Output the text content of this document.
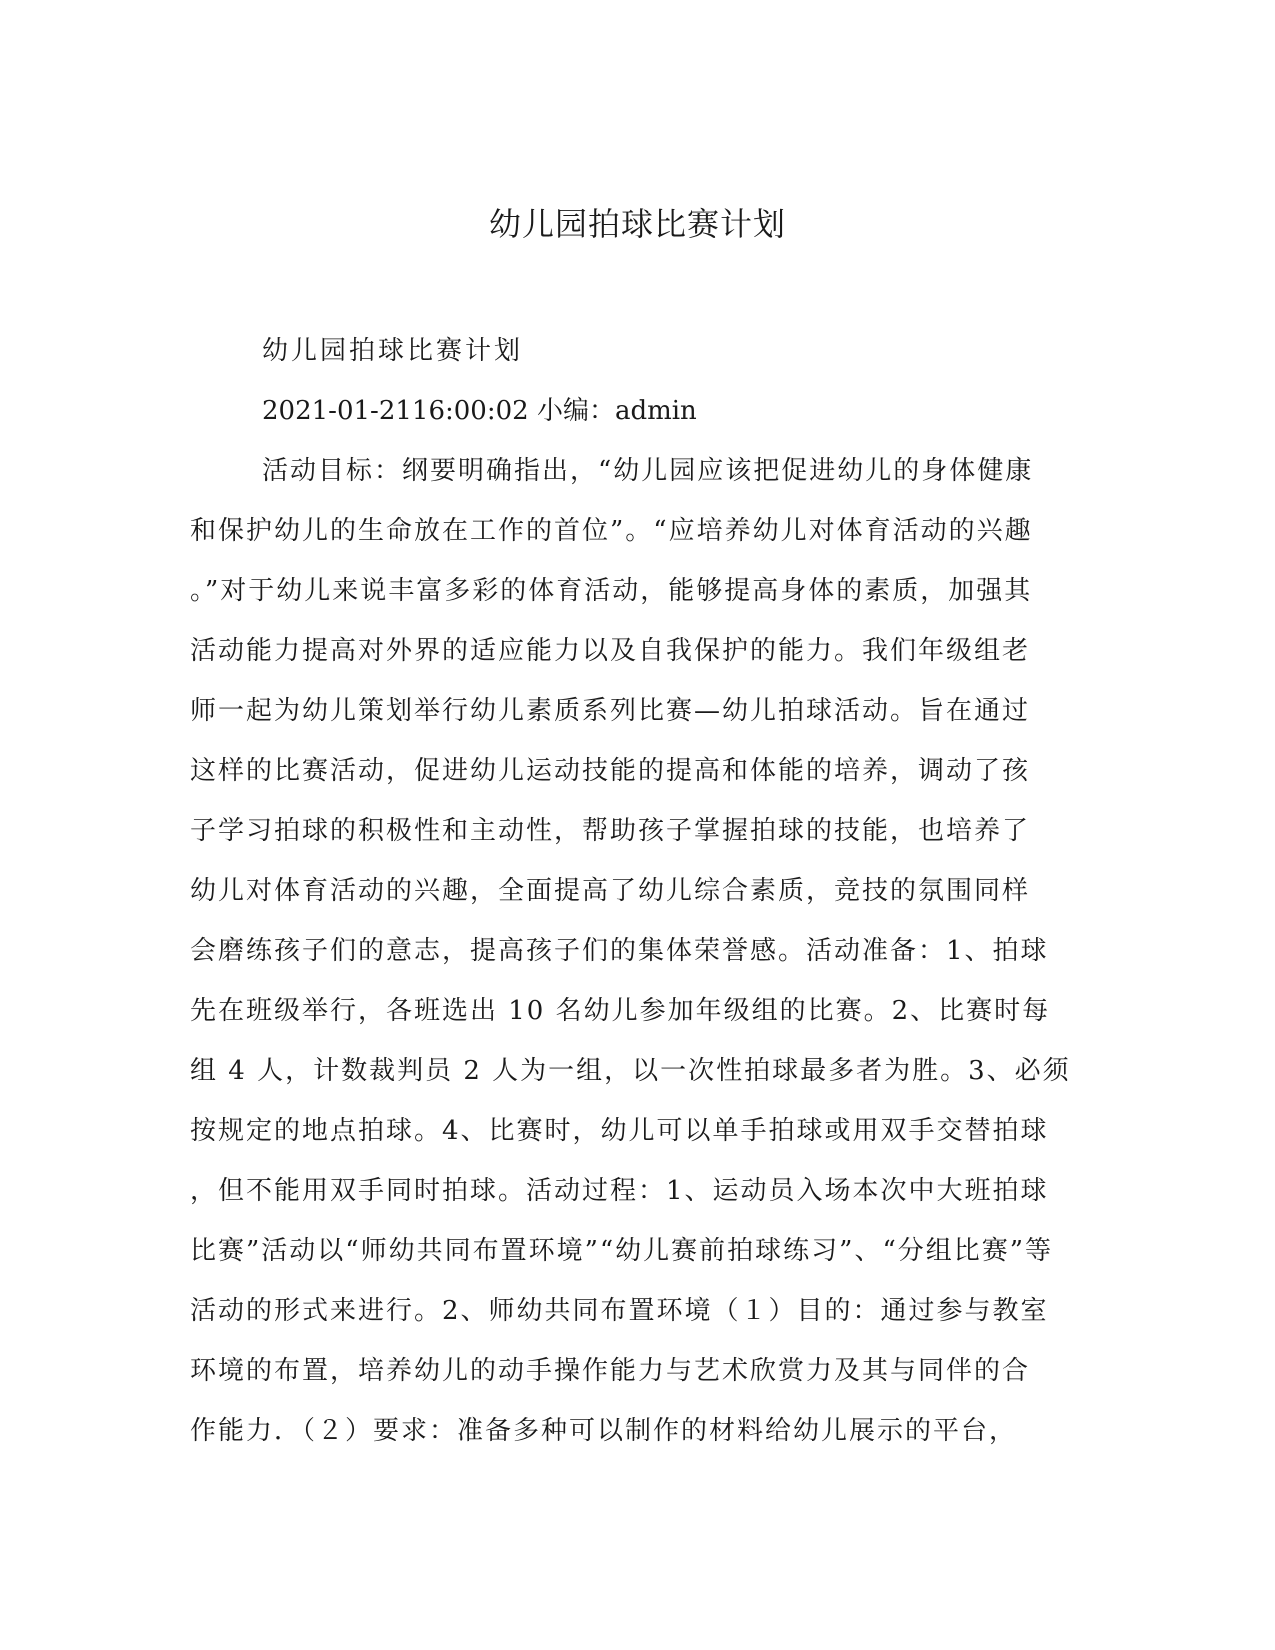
幼儿园拍球比赛计划

幼儿园拍球比赛计划

2021-01-2116:00:02 小编：admin

活动目标：纲要明确指出，“幼儿园应该把促进幼儿的身体健康
和保护幼儿的生命放在工作的首位”。“应培养幼儿对体育活动的兴趣
。”对于幼儿来说丰富多彩的体育活动，能够提高身体的素质，加强其
活动能力提高对外界的适应能力以及自我保护的能力。我们年级组老
师一起为幼儿策划举行幼儿素质系列比赛—幼儿拍球活动。旨在通过
这样的比赛活动，促进幼儿运动技能的提高和体能的培养，调动了孩
子学习拍球的积极性和主动性，帮助孩子掌握拍球的技能，也培养了
幼儿对体育活动的兴趣，全面提高了幼儿综合素质，竞技的氛围同样
会磨练孩子们的意志，提高孩子们的集体荣誉感。活动准备：1、拍球
先在班级举行，各班选出 10 名幼儿参加年级组的比赛。2、比赛时每
组 4 人，计数裁判员 2 人为一组，以一次性拍球最多者为胜。3、必须
按规定的地点拍球。4、比赛时，幼儿可以单手拍球或用双手交替拍球
，但不能用双手同时拍球。活动过程：1、运动员入场本次中大班拍球
比赛”活动以“师幼共同布置环境”“幼儿赛前拍球练习”、“分组比赛”等
活动的形式来进行。2、师幼共同布置环境（１）目的：通过参与教室
环境的布置，培养幼儿的动手操作能力与艺术欣赏力及其与同伴的合
作能力．（２）要求：准备多种可以制作的材料给幼儿展示的平台，
